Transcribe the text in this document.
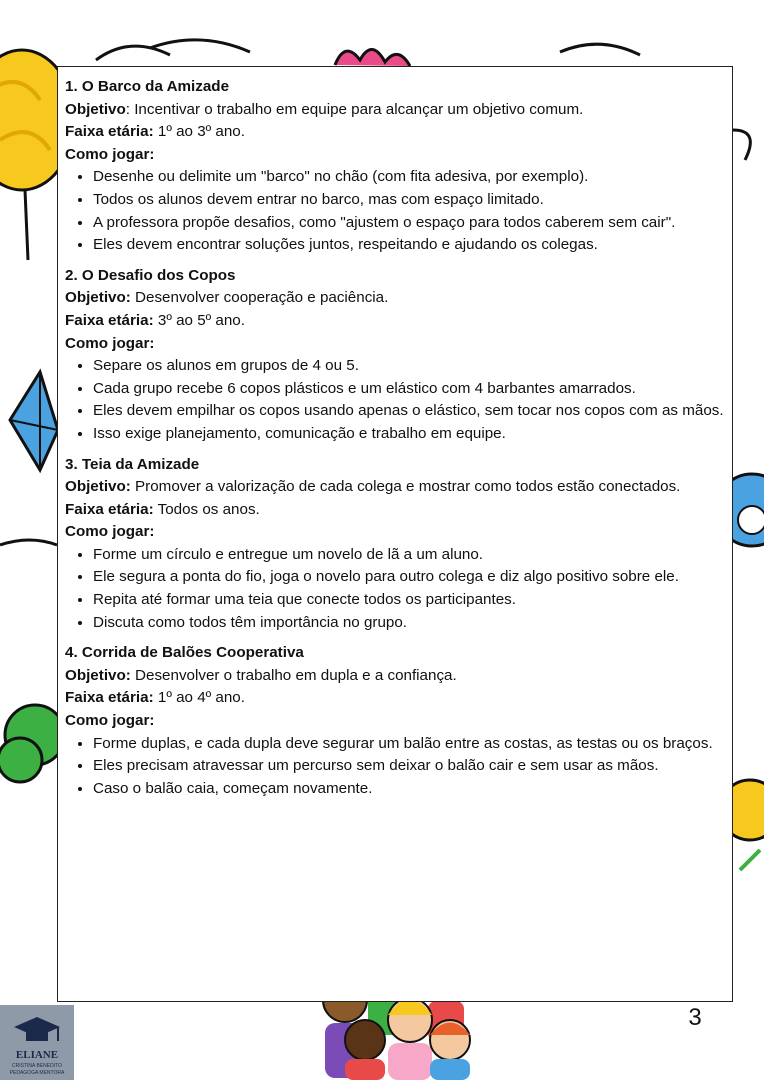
1. O Barco da Amizade
Objetivo: Incentivar o trabalho em equipe para alcançar um objetivo comum.
Faixa etária: 1º ao 3º ano.
Como jogar:
• Desenhe ou delimite um "barco" no chão (com fita adesiva, por exemplo).
• Todos os alunos devem entrar no barco, mas com espaço limitado.
• A professora propõe desafios, como "ajustem o espaço para todos caberem sem cair".
• Eles devem encontrar soluções juntos, respeitando e ajudando os colegas.
2. O Desafio dos Copos
Objetivo: Desenvolver cooperação e paciência.
Faixa etária: 3º ao 5º ano.
Como jogar:
• Separe os alunos em grupos de 4 ou 5.
• Cada grupo recebe 6 copos plásticos e um elástico com 4 barbantes amarrados.
• Eles devem empilhar os copos usando apenas o elástico, sem tocar nos copos com as mãos.
• Isso exige planejamento, comunicação e trabalho em equipe.
3. Teia da Amizade
Objetivo: Promover a valorização de cada colega e mostrar como todos estão conectados.
Faixa etária: Todos os anos.
Como jogar:
• Forme um círculo e entregue um novelo de lã a um aluno.
• Ele segura a ponta do fio, joga o novelo para outro colega e diz algo positivo sobre ele.
• Repita até formar uma teia que conecte todos os participantes.
• Discuta como todos têm importância no grupo.
4. Corrida de Balões Cooperativa
Objetivo: Desenvolver o trabalho em dupla e a confiança.
Faixa etária: 1º ao 4º ano.
Como jogar:
• Forme duplas, e cada dupla deve segurar um balão entre as costas, as testas ou os braços.
• Eles precisam atravessar um percurso sem deixar o balão cair e sem usar as mãos.
• Caso o balão caia, começam novamente.
3
ELIANE
CRISTINA BENEDITO
PEDAGOGA MENTORA
